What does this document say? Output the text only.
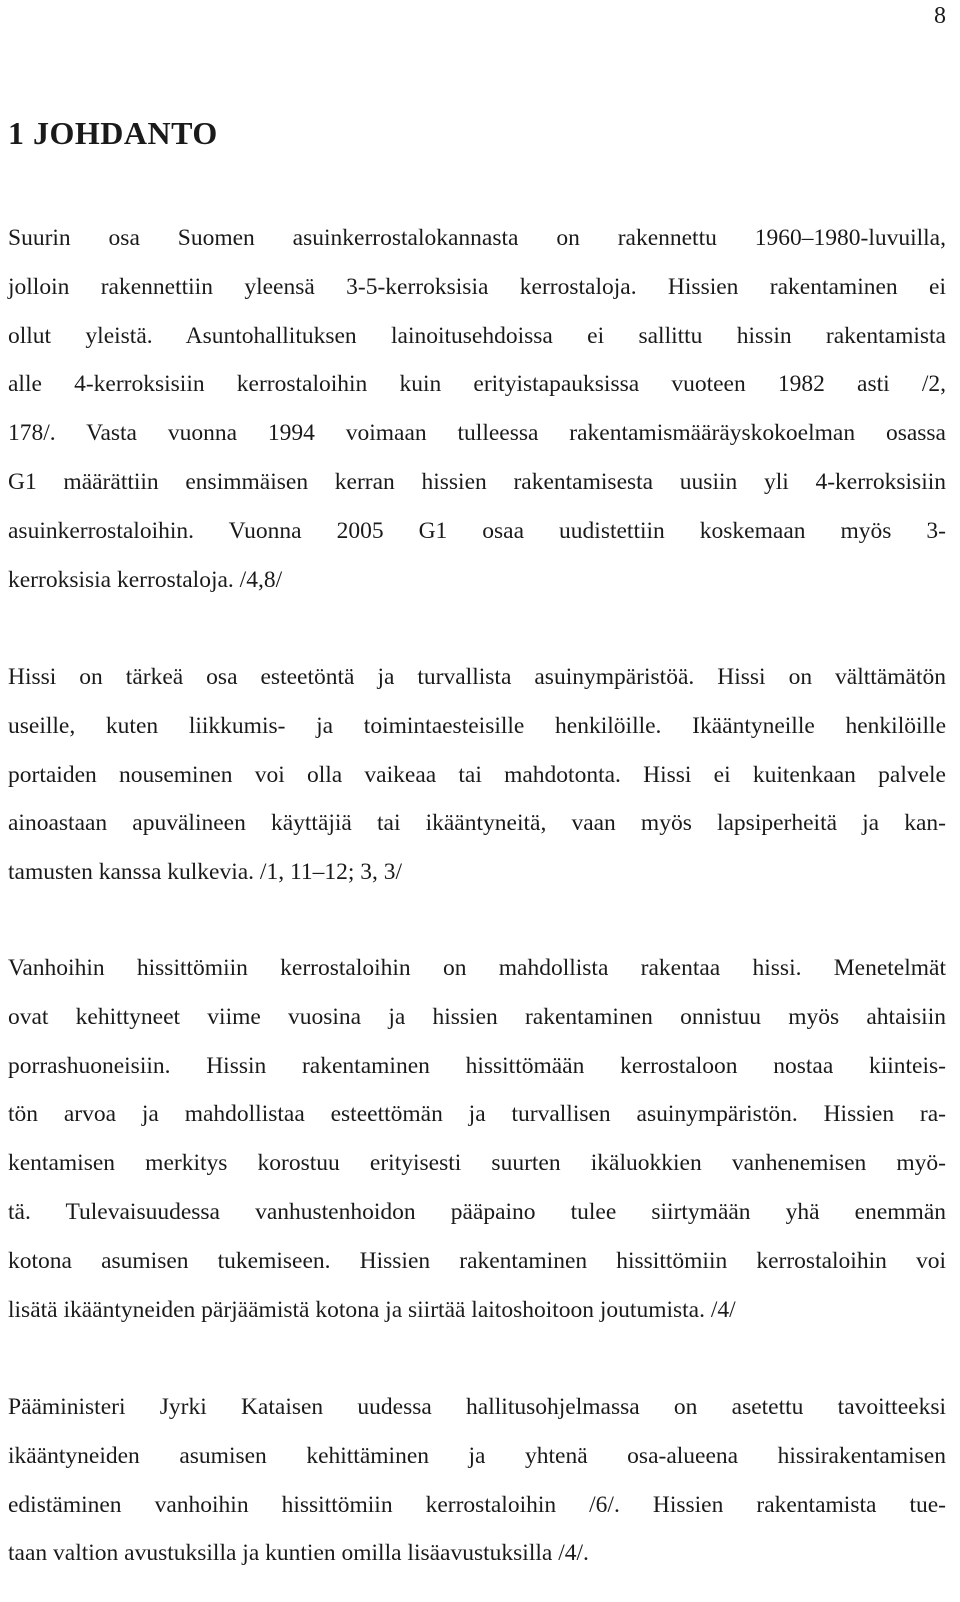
8
1 JOHDANTO

Suurin osa Suomen asuinkerrostalokannasta on rakennettu 1960–1980-luvuilla,
jolloin rakennettiin yleensä 3-5-kerroksisia kerrostaloja. Hissien rakentaminen ei
ollut yleistä. Asuntohallituksen lainoitusehdoissa ei sallittu hissin rakentamista
alle 4-kerroksisiin kerrostaloihin kuin erityistapauksissa vuoteen 1982 asti /2,
178/. Vasta vuonna 1994 voimaan tulleessa rakentamismääräyskokoelman osassa
G1 määrättiin ensimmäisen kerran hissien rakentamisesta uusiin yli 4-kerroksisiin
asuinkerrostaloihin. Vuonna 2005 G1 osaa uudistettiin koskemaan myös 3-
kerroksisia kerrostaloja. /4,8/

Hissi on tärkeä osa esteetöntä ja turvallista asuinympäristöä. Hissi on välttämätön
useille, kuten liikkumis- ja toimintaesteisille henkilöille. Ikääntyneille henkilöille
portaiden nouseminen voi olla vaikeaa tai mahdotonta. Hissi ei kuitenkaan palvele
ainoastaan apuvälineen käyttäjiä tai ikääntyneitä, vaan myös lapsiperheitä ja kan-
tamusten kanssa kulkevia. /1, 11–12; 3, 3/

Vanhoihin hissittömiin kerrostaloihin on mahdollista rakentaa hissi. Menetelmät
ovat kehittyneet viime vuosina ja hissien rakentaminen onnistuu myös ahtaisiin
porrashuoneisiin. Hissin rakentaminen hissittömään kerrostaloon nostaa kiinteis-
tön arvoa ja mahdollistaa esteettömän ja turvallisen asuinympäristön. Hissien ra-
kentamisen merkitys korostuu erityisesti suurten ikäluokkien vanhenemisen myö-
tä. Tulevaisuudessa vanhustenhoidon pääpaino tulee siirtymään yhä enemmän
kotona asumisen tukemiseen. Hissien rakentaminen hissittömiin kerrostaloihin voi
lisätä ikääntyneiden pärjäämistä kotona ja siirtää laitoshoitoon joutumista. /4/

Pääministeri Jyrki Kataisen uudessa hallitusohjelmassa on asetettu tavoitteeksi
ikääntyneiden asumisen kehittäminen ja yhtenä osa-alueena hissirakentamisen
edistäminen vanhoihin hissittömiin kerrostaloihin /6/. Hissien rakentamista tue-
taan valtion avustuksilla ja kuntien omilla lisäavustuksilla /4/.
